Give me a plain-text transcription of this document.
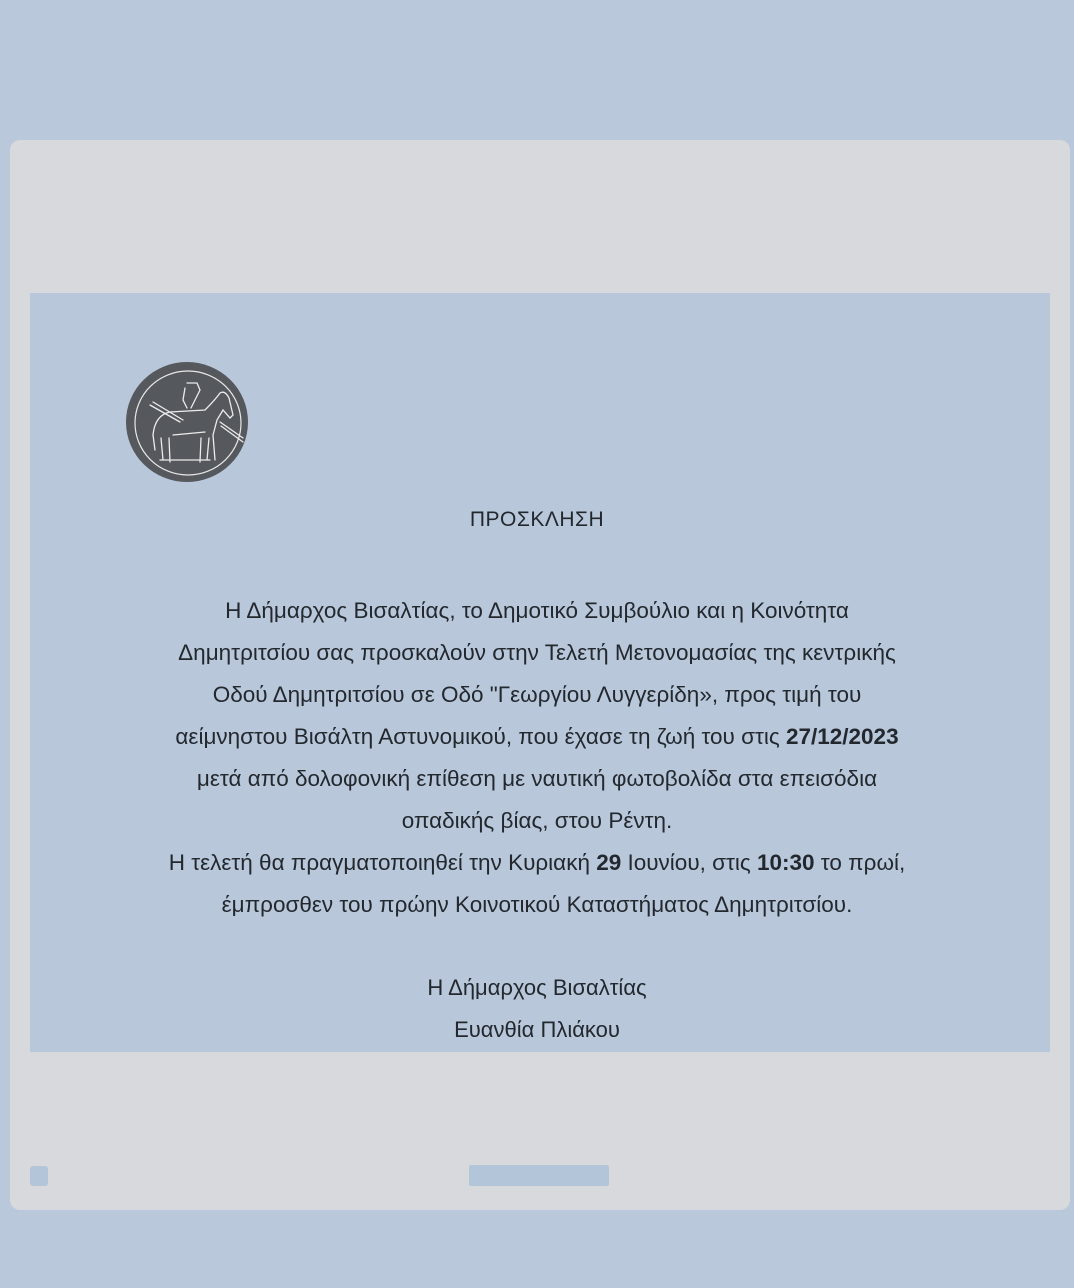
ΠΡΟΣΚΛΗΣΗ
Η Δήμαρχος Βισαλτίας, το Δημοτικό Συμβούλιο και η Κοινότητα
Δημητριτσίου σας προσκαλούν στην Τελετή Μετονομασίας της κεντρικής
Οδού Δημητριτσίου σε Οδό "Γεωργίου Λυγγερίδη», προς τιμή του
αείμνηστου Βισάλτη Αστυνομικού, που έχασε τη ζωή του στις 27/12/2023
μετά από δολοφονική επίθεση με ναυτική φωτοβολίδα στα επεισόδια
οπαδικής βίας, στου Ρέντη.
Η τελετή θα πραγματοποιηθεί την Κυριακή 29 Ιουνίου, στις 10:30 το πρωί,
έμπροσθεν του πρώην Κοινοτικού Καταστήματος Δημητριτσίου.
Η Δήμαρχος Βισαλτίας
Ευανθία Πλιάκου
